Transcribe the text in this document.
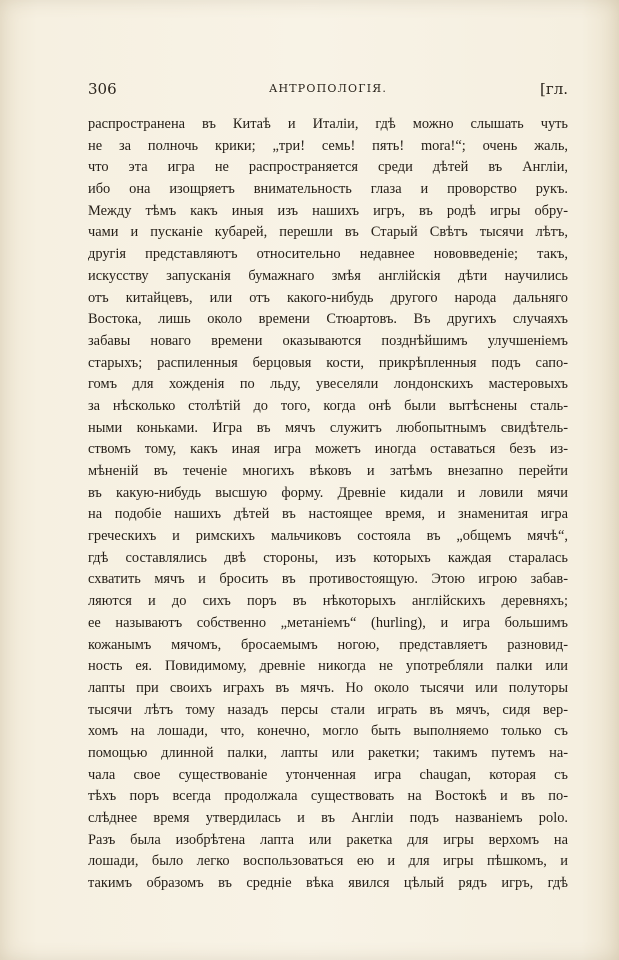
306	АНТРОПОЛОГІЯ.	[гл.
распространена въ Китаѣ и Италіи, гдѣ можно слышать чуть
не за полночь крики; „три! семь! пять! mora!“; очень жаль,
что эта игра не распространяется среди дѣтей въ Англіи,
ибо она изощряетъ внимательность глаза и проворство рукъ.
Между тѣмъ какъ иныя изъ нашихъ игръ, въ родѣ игры обру-
чами и пусканіе кубарей, перешли въ Старый Свѣтъ тысячи лѣтъ,
другія представляютъ относительно недавнее нововведеніе; такъ,
искусству запусканія бумажнаго змѣя англійскія дѣти научились
отъ китайцевъ, или отъ какого-нибудь другого народа дальняго
Востока, лишь около времени Стюартовъ. Въ другихъ случаяхъ
забавы новаго времени оказываются позднѣйшимъ улучшеніемъ
старыхъ; распиленныя берцовыя кости, прикрѣпленныя подъ сапо-
гомъ для хожденія по льду, увеселяли лондонскихъ мастеровыхъ
за нѣсколько столѣтій до того, когда онѣ были вытѣснены сталь-
ными коньками. Игра въ мячъ служитъ любопытнымъ свидѣтель-
ствомъ тому, какъ иная игра можетъ иногда оставаться безъ из-
мѣненій въ теченіе многихъ вѣковъ и затѣмъ внезапно перейти
въ какую-нибудь высшую форму. Древніе кидали и ловили мячи
на подобіе нашихъ дѣтей въ настоящее время, и знаменитая игра
греческихъ и римскихъ мальчиковъ состояла въ „общемъ мячѣ“,
гдѣ составлялись двѣ стороны, изъ которыхъ каждая старалась
схватить мячъ и бросить въ противостоящую. Этою игрою забав-
ляются и до сихъ поръ въ нѣкоторыхъ англійскихъ деревняхъ;
ее называютъ собственно „метаніемъ“ (hurling), и игра большимъ
кожанымъ мячомъ, бросаемымъ ногою, представляетъ разновид-
ность ея. Повидимому, древніе никогда не употребляли палки или
лапты при своихъ играхъ въ мячъ. Но около тысячи или полуторы
тысячи лѣтъ тому назадъ персы стали играть въ мячъ, сидя вер-
хомъ на лошади, что, конечно, могло быть выполняемо только съ
помощью длинной палки, лапты или ракетки; такимъ путемъ на-
чала свое существованіе утонченная игра chaugan, которая съ
тѣхъ поръ всегда продолжала существовать на Востокѣ и въ по-
слѣднее время утвердилась и въ Англіи подъ названіемъ polo.
Разъ была изобрѣтена лапта или ракетка для игры верхомъ на
лошади, было легко воспользоваться ею и для игры пѣшкомъ, и
такимъ образомъ въ средніе вѣка явился цѣлый рядъ игръ, гдѣ
